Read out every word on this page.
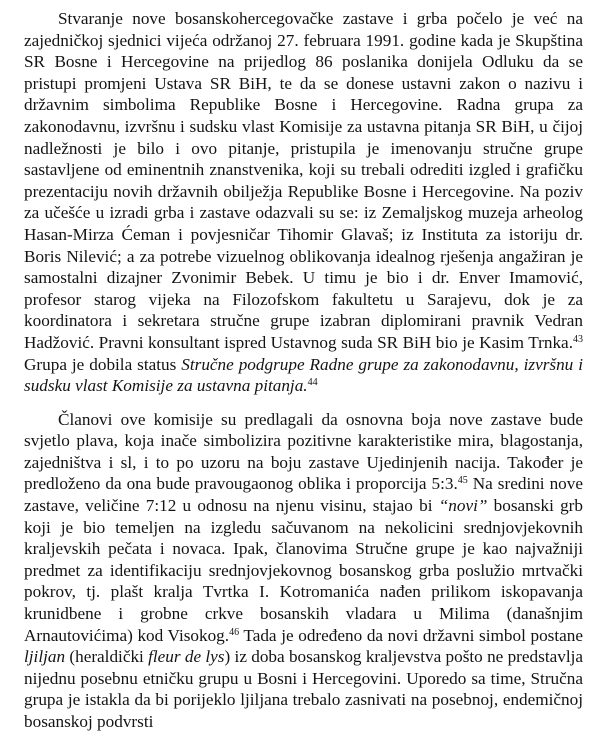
Stvaranje nove bosanskohercegovačke zastave i grba počelo je već na zajedničkoj sjednici vijeća održanoj 27. februara 1991. godine kada je Skupština SR Bosne i Hercegovine na prijedlog 86 poslanika donijela Odluku da se pristupi promjeni Ustava SR BiH, te da se donese ustavni zakon o nazivu i državnim simbolima Republike Bosne i Hercegovine. Radna grupa za zakonodavnu, izvršnu i sudsku vlast Komisije za ustavna pitanja SR BiH, u čijoj nadležnosti je bilo i ovo pitanje, pristupila je imenovanju stručne grupe sastavljene od eminentnih znanstvenika, koji su trebali odrediti izgled i grafičku prezentaciju novih državnih obilježja Republike Bosne i Hercegovine. Na poziv za učešće u izradi grba i zastave odazvali su se: iz Zemaljskog muzeja arheolog Hasan-Mirza Ćeman i povjesničar Tihomir Glavaš; iz Instituta za istoriju dr. Boris Nilević; a za potrebe vizuelnog oblikovanja idealnog rješenja angažiran je samostalni dizajner Zvonimir Bebek. U timu je bio i dr. Enver Imamović, profesor starog vijeka na Filozofskom fakultetu u Sarajevu, dok je za koordinatora i sekretara stručne grupe izabran diplomirani pravnik Vedran Hadžović. Pravni konsultant ispred Ustavnog suda SR BiH bio je Kasim Trnka.$^{43}$ Grupa je dobila status Stručne podgrupe Radne grupe za zakonodavnu, izvršnu i sudsku vlast Komisije za ustavna pitanja.$^{44}$

Članovi ove komisije su predlagali da osnovna boja nove zastave bude svjetlo plava, koja inače simbolizira pozitivne karakteristike mira, blagostanja, zajedništva i sl, i to po uzoru na boju zastave Ujedinjenih nacija. Također je predloženo da ona bude pravougaonog oblika i proporcija 5:3.45 Na sredini nove zastave, veličine 7:12 u odnosu na njenu visinu, stajao bi “novi” bosanski grb koji je bio temeljen na izgledu sačuvanom na nekolicini srednjovjekovnih kraljevskih pečata i novaca. Ipak, članovima Stručne grupe je kao najvažniji predmet za identifikaciju srednjovjekovnog bosanskog grba poslužio mrtvački pokrov, tj. plašt kralja Tvrtka I. Kotromanića nađen prilikom iskopavanja krunidbene i grobne crkve bosanskih vladara u Milima (današnjim Arnautovićima) kod Visokog.$^{46}$ Tada je određeno da novi državni simbol postane ljiljan (heraldički fleur de lys) iz doba bosanskog kraljevstva pošto ne predstavlja nijednu posebnu etničku grupu u Bosni i Hercegovini. Uporedo sa time, Stručna grupa je istakla da bi porijeklo ljiljana trebalo zasnivati na posebnoj, endemičnoj bosanskoj podvrsti
